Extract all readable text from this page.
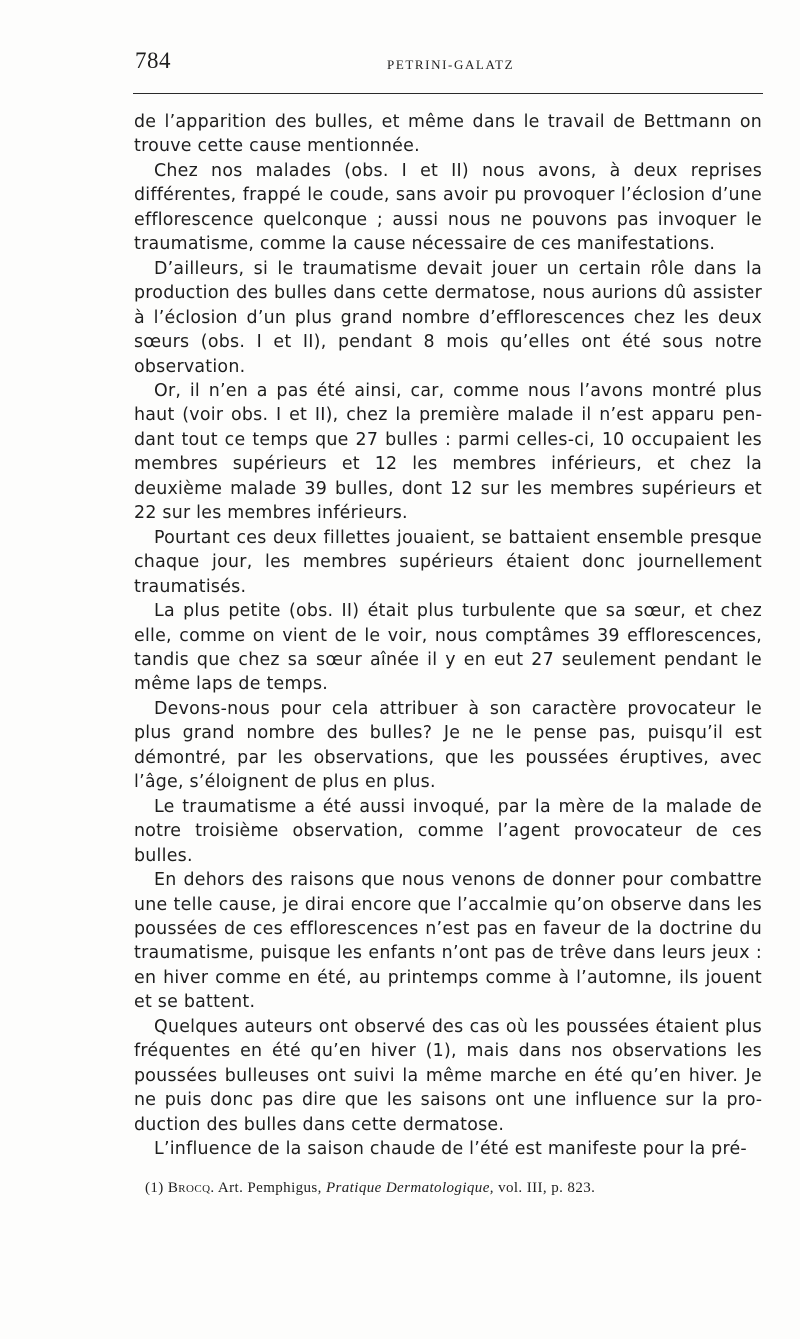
784	PETRINI-GALATZ

de l’apparition des bulles, et même dans le travail de Bettmann on trouve cette cause mentionnée.

Chez nos malades (obs. I et II) nous avons, à deux reprises différentes, frappé le coude, sans avoir pu provoquer l’éclosion d’une efflorescence quelconque ; aussi nous ne pouvons pas invoquer le traumatisme, comme la cause nécessaire de ces manifestations.

D’ailleurs, si le traumatisme devait jouer un certain rôle dans la production des bulles dans cette dermatose, nous aurions dû assister à l’éclosion d’un plus grand nombre d’efflorescences chez les deux sœurs (obs. I et II), pendant 8 mois qu’elles ont été sous notre observation.

Or, il n’en a pas été ainsi, car, comme nous l’avons montré plus haut (voir obs. I et II), chez la première malade il n’est apparu pendant tout ce temps que 27 bulles : parmi celles-ci, 10 occupaient les membres supérieurs et 12 les membres inférieurs, et chez la deuxième malade 39 bulles, dont 12 sur les membres supérieurs et 22 sur les membres inférieurs.

Pourtant ces deux fillettes jouaient, se battaient ensemble presque chaque jour, les membres supérieurs étaient donc journellement traumatisés.

La plus petite (obs. II) était plus turbulente que sa sœur, et chez elle, comme on vient de le voir, nous comptâmes 39 efflorescences, tandis que chez sa sœur aînée il y en eut 27 seulement pendant le même laps de temps.

Devons-nous pour cela attribuer à son caractère provocateur le plus grand nombre des bulles? Je ne le pense pas, puisqu’il est démontré, par les observations, que les poussées éruptives, avec l’âge, s’éloignent de plus en plus.

Le traumatisme a été aussi invoqué, par la mère de la malade de notre troisième observation, comme l’agent provocateur de ces bulles.

En dehors des raisons que nous venons de donner pour combattre une telle cause, je dirai encore que l’accalmie qu’on observe dans les poussées de ces efflorescences n’est pas en faveur de la doctrine du traumatisme, puisque les enfants n’ont pas de trêve dans leurs jeux : en hiver comme en été, au printemps comme à l’automne, ils jouent et se battent.

Quelques auteurs ont observé des cas où les poussées étaient plus fréquentes en été qu’en hiver (1), mais dans nos observations les poussées bulleuses ont suivi la même marche en été qu’en hiver. Je ne puis donc pas dire que les saisons ont une influence sur la production des bulles dans cette dermatose.

L’influence de la saison chaude de l’été est manifeste pour la pré-

(1) Brocq. Art. Pemphigus, Pratique Dermatologique, vol. III, p. 823.
